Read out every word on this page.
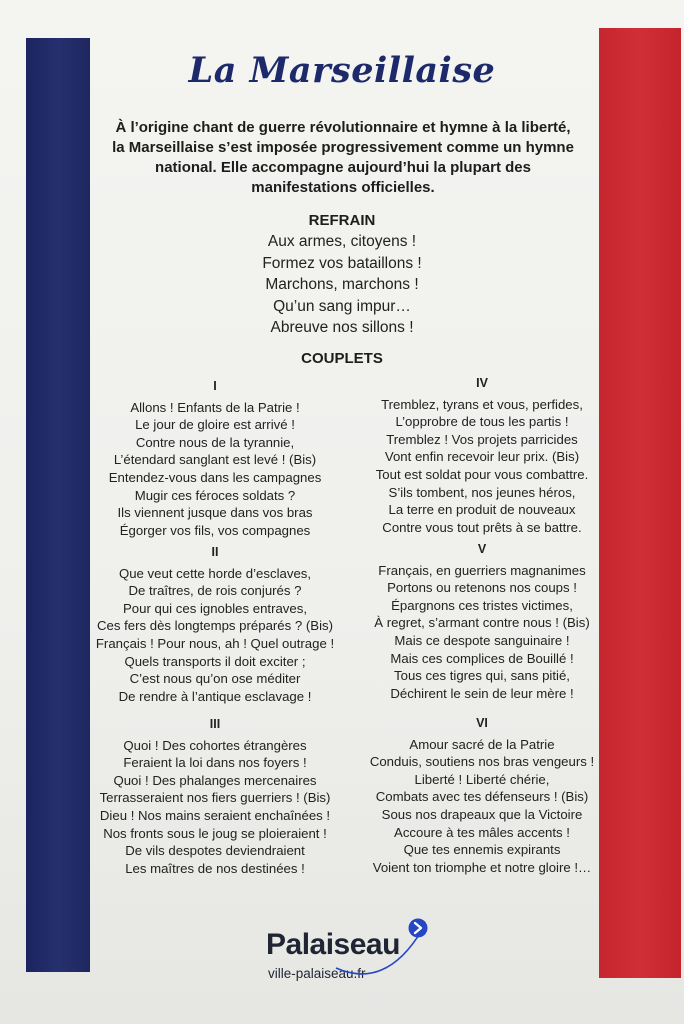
La Marseillaise
À l’origine chant de guerre révolutionnaire et hymne à la liberté, la Marseillaise s’est imposée progressivement comme un hymne national. Elle accompagne aujourd’hui la plupart des manifestations officielles.
REFRAIN
Aux armes, citoyens !
Formez vos bataillons !
Marchons, marchons !
Qu’un sang impur…
Abreuve nos sillons !
COUPLETS
I
Allons ! Enfants de la Patrie !
Le jour de gloire est arrivé !
Contre nous de la tyrannie,
L’étendard sanglant est levé ! (Bis)
Entendez-vous dans les campagnes
Mugir ces féroces soldats ?
Ils viennent jusque dans vos bras
Égorger vos fils, vos compagnes
II
Que veut cette horde d’esclaves,
De traîtres, de rois conjurés ?
Pour qui ces ignobles entraves,
Ces fers dès longtemps préparés ? (Bis)
Français ! Pour nous, ah ! Quel outrage !
Quels transports il doit exciter ;
C’est nous qu’on ose méditer
De rendre à l’antique esclavage !
III
Quoi ! Des cohortes étrangères
Feraient la loi dans nos foyers !
Quoi ! Des phalanges mercenaires
Terrasseraient nos fiers guerriers ! (Bis)
Dieu ! Nos mains seraient enchaînées !
Nos fronts sous le joug se ploieraient !
De vils despotes deviendraient
Les maîtres de nos destinées !
IV
Tremblez, tyrans et vous, perfides,
L’opprobre de tous les partis !
Tremblez ! Vos projets parricides
Vont enfin recevoir leur prix. (Bis)
Tout est soldat pour vous combattre.
S’ils tombent, nos jeunes héros,
La terre en produit de nouveaux
Contre vous tout prêts à se battre.
V
Français, en guerriers magnanimes
Portons ou retenons nos coups !
Épargnons ces tristes victimes,
À regret, s’armant contre nous ! (Bis)
Mais ce despote sanguinaire !
Mais ces complices de Bouillé !
Tous ces tigres qui, sans pitié,
Déchirent le sein de leur mère !
VI
Amour sacré de la Patrie
Conduis, soutiens nos bras vengeurs !
Liberté ! Liberté chérie,
Combats avec tes défenseurs ! (Bis)
Sous nos drapeaux que la Victoire
Accoure à tes mâles accents !
Que tes ennemis expirants
Voient ton triomphe et notre gloire !…
Palaiseau
ville-palaiseau.fr
